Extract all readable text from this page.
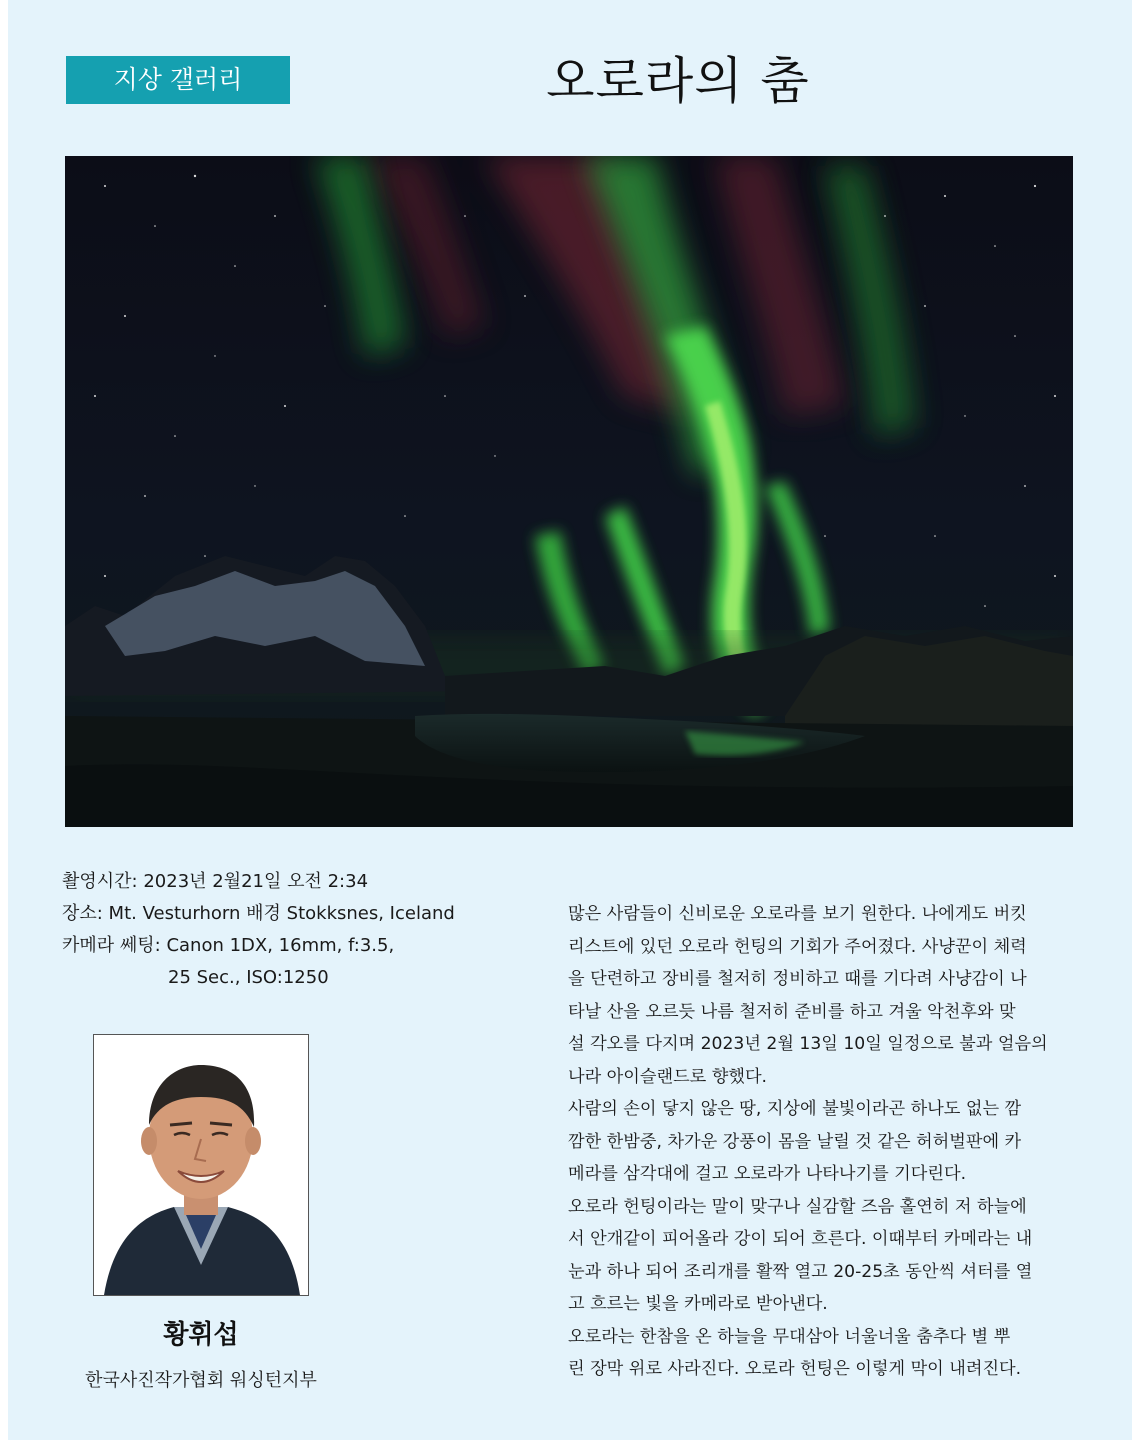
지상 갤러리	오로라의 춤
촬영시간: 2023년 2월21일 오전 2:34
장소: Mt. Vesturhorn 배경 Stokksnes, Iceland
카메라 쎄팅: Canon 1DX, 16mm, f:3.5,
25 Sec., ISO:1250
황휘섭
한국사진작가협회 워싱턴지부
많은 사람들이 신비로운 오로라를 보기 원한다. 나에게도 버킷
리스트에 있던 오로라 헌팅의 기회가 주어졌다. 사냥꾼이 체력
을 단련하고 장비를 철저히 정비하고 때를 기다려 사냥감이 나
타날 산을 오르듯 나름 철저히 준비를 하고 겨울 악천후와 맞
설 각오를 다지며 2023년 2월 13일 10일 일정으로 불과 얼음의
나라 아이슬랜드로 향했다.
사람의 손이 닿지 않은 땅, 지상에 불빛이라곤 하나도 없는 깜
깜한 한밤중, 차가운 강풍이 몸을 날릴 것 같은 허허벌판에 카
메라를 삼각대에 걸고 오로라가 나타나기를 기다린다.
오로라 헌팅이라는 말이 맞구나 실감할 즈음 홀연히 저 하늘에
서 안개같이 피어올라 강이 되어 흐른다. 이때부터 카메라는 내
눈과 하나 되어 조리개를 활짝 열고 20-25초 동안씩 셔터를 열
고 흐르는 빛을 카메라로 받아낸다.
오로라는 한참을 온 하늘을 무대삼아 너울너울 춤추다 별 뿌
린 장막 위로 사라진다. 오로라 헌팅은 이렇게 막이 내려진다.
